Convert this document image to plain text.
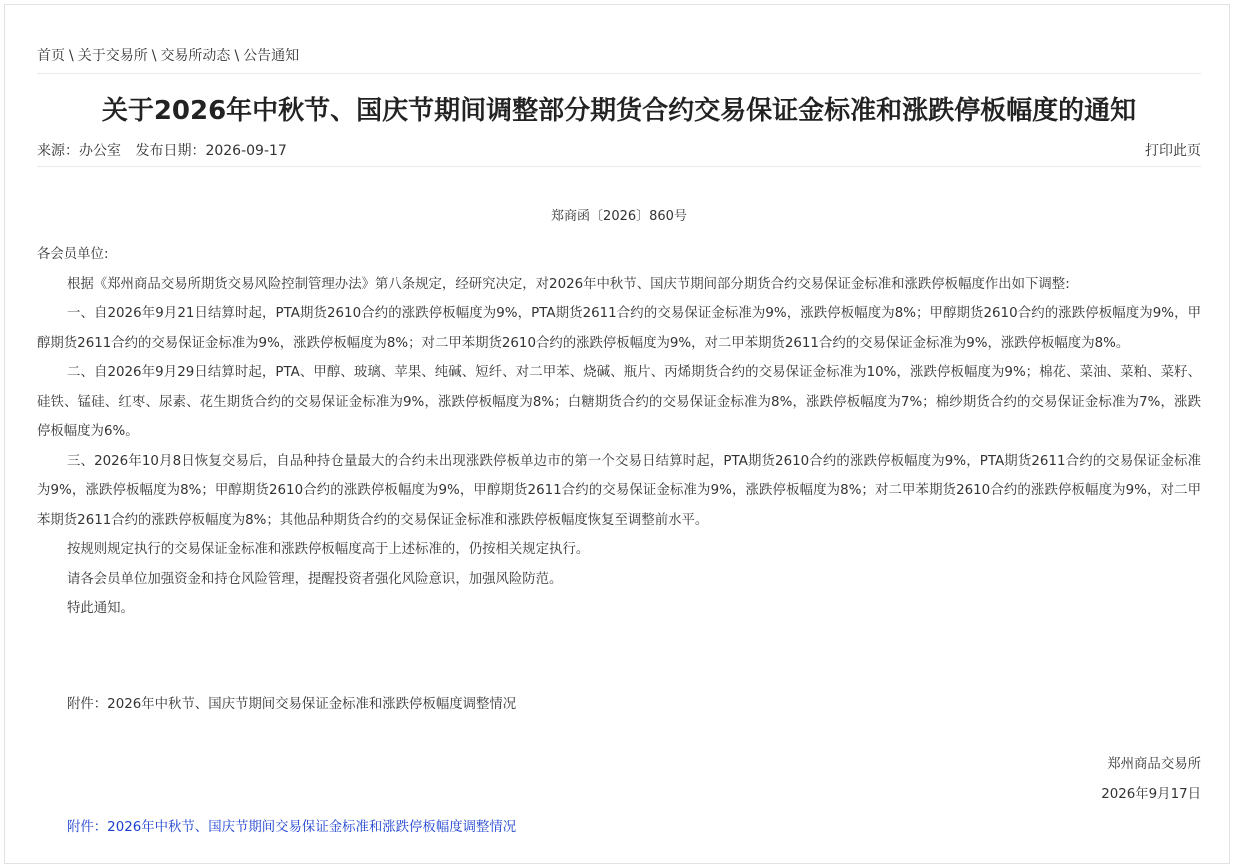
首页 \ 关于交易所 \ 交易所动态 \ 公告通知
关于2026年中秋节、国庆节期间调整部分期货合约交易保证金标准和涨跌停板幅度的通知
来源：办公室 发布日期：2026-09-17	打印此页
郑商函〔2026〕860号

各会员单位:

根据《郑州商品交易所期货交易风险控制管理办法》第八条规定，经研究决定，对2026年中秋节、国庆节期间部分期货合约交易保证金标准和涨跌停板幅度作出如下调整:

一、自2026年9月21日结算时起，PTA期货2610合约的涨跌停板幅度为9%，PTA期货2611合约的交易保证金标准为9%，涨跌停板幅度为8%；甲醇期货2610合约的涨跌停板幅度为9%，甲醇期货2611合约的交易保证金标准为9%，涨跌停板幅度为8%；对二甲苯期货2610合约的涨跌停板幅度为9%，对二甲苯期货2611合约的交易保证金标准为9%，涨跌停板幅度为8%。

二、自2026年9月29日结算时起，PTA、甲醇、玻璃、苹果、纯碱、短纤、对二甲苯、烧碱、瓶片、丙烯期货合约的交易保证金标准为10%，涨跌停板幅度为9%；棉花、菜油、菜粕、菜籽、硅铁、锰硅、红枣、尿素、花生期货合约的交易保证金标准为9%，涨跌停板幅度为8%；白糖期货合约的交易保证金标准为8%，涨跌停板幅度为7%；棉纱期货合约的交易保证金标准为7%，涨跌停板幅度为6%。

三、2026年10月8日恢复交易后，自品种持仓量最大的合约未出现涨跌停板单边市的第一个交易日结算时起，PTA期货2610合约的涨跌停板幅度为9%，PTA期货2611合约的交易保证金标准为9%，涨跌停板幅度为8%；甲醇期货2610合约的涨跌停板幅度为9%，甲醇期货2611合约的交易保证金标准为9%，涨跌停板幅度为8%；对二甲苯期货2610合约的涨跌停板幅度为9%，对二甲苯期货2611合约的涨跌停板幅度为8%；其他品种期货合约的交易保证金标准和涨跌停板幅度恢复至调整前水平。

按规则规定执行的交易保证金标准和涨跌停板幅度高于上述标准的，仍按相关规定执行。

请各会员单位加强资金和持仓风险管理，提醒投资者强化风险意识，加强风险防范。

特此通知。

附件：2026年中秋节、国庆节期间交易保证金标准和涨跌停板幅度调整情况
郑州商品交易所
2026年9月17日
附件：2026年中秋节、国庆节期间交易保证金标准和涨跌停板幅度调整情况
